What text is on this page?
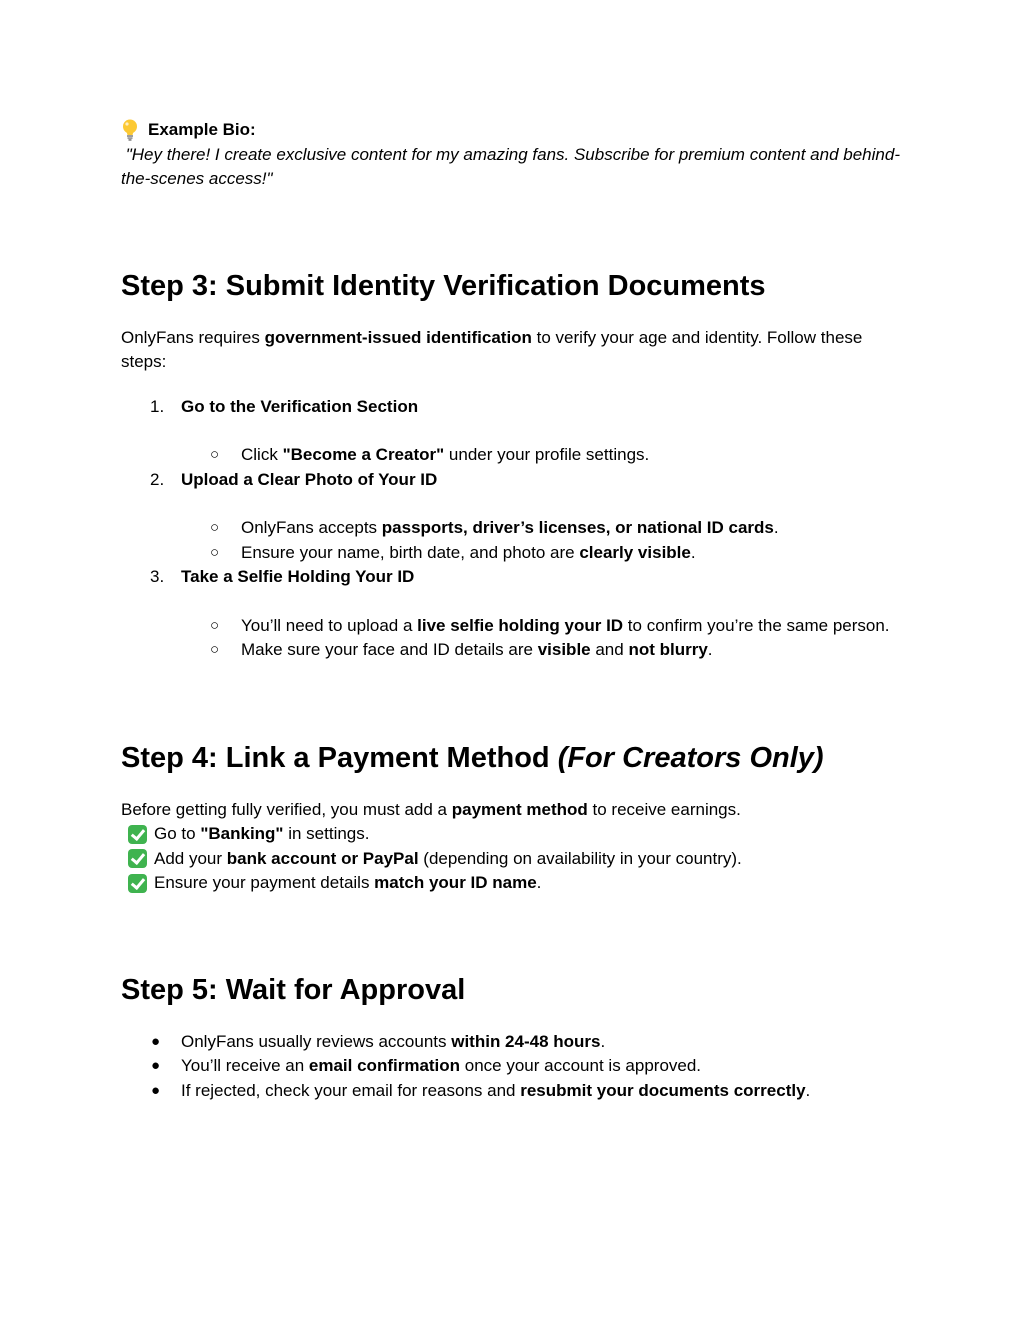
Example Bio:

"Hey there! I create exclusive content for my amazing fans. Subscribe for premium content and behind-the-scenes access!"

Step 3: Submit Identity Verification Documents

OnlyFans requires government-issued identification to verify your age and identity. Follow these steps:

1. Go to the Verification Section
○ Click "Become a Creator" under your profile settings.
2. Upload a Clear Photo of Your ID
○ OnlyFans accepts passports, driver’s licenses, or national ID cards.
○ Ensure your name, birth date, and photo are clearly visible.
3. Take a Selfie Holding Your ID
○ You’ll need to upload a live selfie holding your ID to confirm you’re the same person.
○ Make sure your face and ID details are visible and not blurry.
Step 4: Link a Payment Method (For Creators Only)

Before getting fully verified, you must add a payment method to receive earnings.

Go to "Banking" in settings.
Add your bank account or PayPal (depending on availability in your country).
Ensure your payment details match your ID name.
Step 5: Wait for Approval
● OnlyFans usually reviews accounts within 24-48 hours.
● You’ll receive an email confirmation once your account is approved.
● If rejected, check your email for reasons and resubmit your documents correctly.
